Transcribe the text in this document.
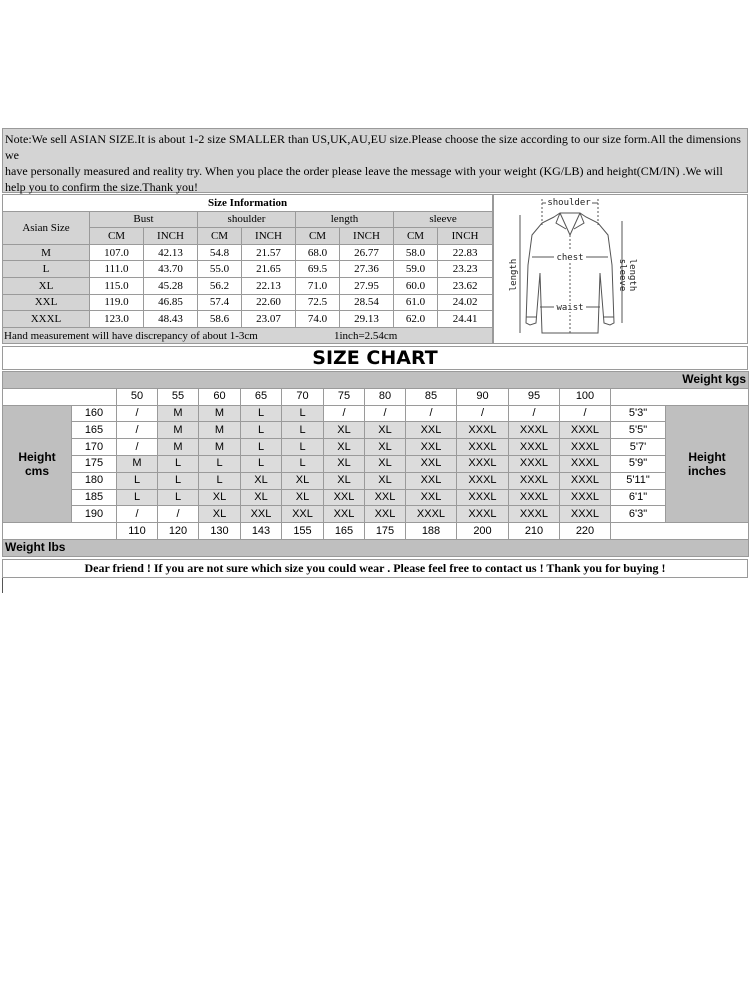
Note:We sell ASIAN SIZE.It is about 1-2 size SMALLER than US,UK,AU,EU size.Please choose the size according to our size form.All the dimensions we

have personally measured and reality try. When you place the order please leave the message with your weight (KG/LB) and height(CM/IN) .We will help you to confirm the size.Thank you!

Size Information								
Asian Size	Bust		shoulder		length		sleeve	
	CM	INCH	CM	INCH	CM	INCH	CM	INCH
M	107.0	42.13	54.8	21.57	68.0	26.77	58.0	22.83
L	111.0	43.70	55.0	21.65	69.5	27.36	59.0	23.23
XL	115.0	45.28	56.2	22.13	71.0	27.95	60.0	23.62
XXL	119.0	46.85	57.4	22.60	72.5	28.54	61.0	24.02
XXXL	123.0	48.43	58.6	23.07	74.0	29.13	62.0	24.41
Hand measurement will have discrepancy of about 1-3cm 1inch=2.54cm								
shoulder
chest
waist
length	sleeve length
SIZE CHART
Weight kgs														
		50	55	60	65	70	75	80	85	90	95	100		
Height
cms	160	/	M	M	L	L	/	/	/	/	/	/	5'3"	Height
inches
	165	/	M	M	L	L	XL	XL	XXL	XXXL	XXXL	XXXL	5'5"	
	170	/	M	M	L	L	XL	XL	XXL	XXXL	XXXL	XXXL	5'7'	
	175	M	L	L	L	L	XL	XL	XXL	XXXL	XXXL	XXXL	5'9"	
	180	L	L	L	XL	XL	XL	XL	XXL	XXXL	XXXL	XXXL	5'11"	
	185	L	L	XL	XL	XL	XXL	XXL	XXL	XXXL	XXXL	XXXL	6'1"	
	190	/	/	XL	XXL	XXL	XXL	XXL	XXXL	XXXL	XXXL	XXXL	6'3"	
		110	120	130	143	155	165	175	188	200	210	220		
Weight lbs														
Dear friend ! If you are not sure which size you could wear . Please feel free to contact us ! Thank you for buying !
